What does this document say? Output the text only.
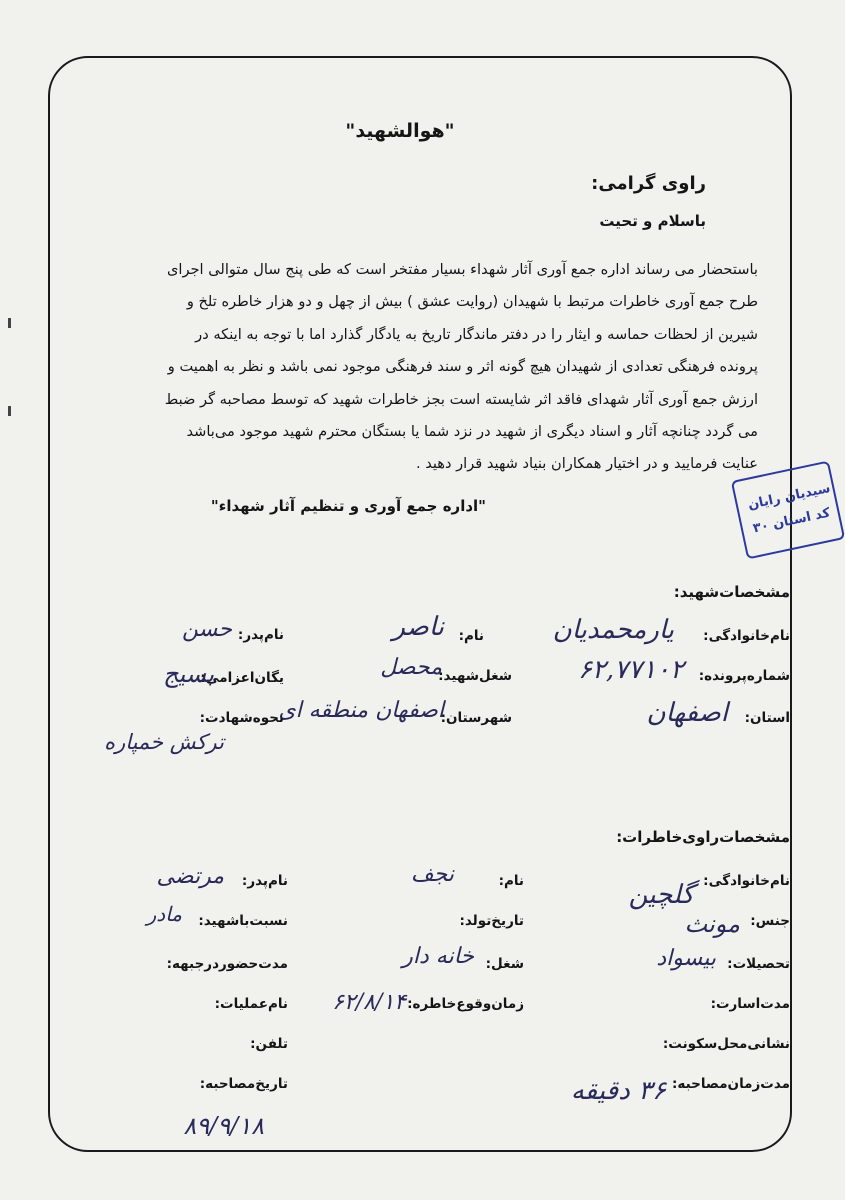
"هوالشهید"
راوی گرامی:
باسلام و تحیت
باستحضار می رساند اداره جمع آوری آثار شهداء بسیار مفتخر است که طی پنج سال متوالی اجرای
طرح جمع آوری خاطرات مرتبط با شهیدان (روایت عشق ) بیش از چهل و دو هزار خاطره تلخ و
شیرین از لحظات حماسه و ایثار را در دفتر ماندگار تاریخ به یادگار گذارد اما با توجه به اینکه در
پرونده فرهنگی تعدادی از شهیدان هیچ گونه اثر و سند فرهنگی موجود نمی باشد و نظر به اهمیت و
ارزش جمع آوری آثار شهدای فاقد اثر شایسته است بجز خاطرات شهید که توسط مصاحبه گر ضبط
می گردد چنانچه آثار و اسناد دیگری از شهید در نزد شما یا بستگان محترم شهید موجود می‌باشد
عنایت فرمایید و در اختیار همکاران بنیاد شهید قرار دهید .
"اداره جمع آوری و تنظیم آثار شهداء"	سیدیان رایان
کد استان ۳۰
مشخصات‌شهید:
نام‌خانوادگی:
یارمحمدیان
نام:
ناصر
نام‌پدر:
حسن
شماره‌پرونده:
۶۲,۷۷۱۰۲
شغل‌شهید:
محصل
یگان‌اعزامی:
بسیج
استان:
اصفهان
شهرستان:
اصفهان منطقه ای
نحوه‌شهادت:
ترکش خمپاره
مشخصات‌راوی‌خاطرات:
نام‌خانوادگی:
گلچین
نام:
نجف
نام‌پدر:
مرتضی
جنس:
مونث
تاریخ‌تولد:
نسبت‌باشهید:
مادر
تحصیلات:
بیسواد
شغل:
خانه دار
مدت‌حضوردرجبهه:
مدت‌اسارت:
زمان‌وقوع‌خاطره:
۶۲/۸/۱۴
نام‌عملیات:
نشانی‌محل‌سکونت:
تلفن:
مدت‌زمان‌مصاحبه:
۳۶ دقیقه
تاریخ‌مصاحبه:
۸۹/۹/۱۸
